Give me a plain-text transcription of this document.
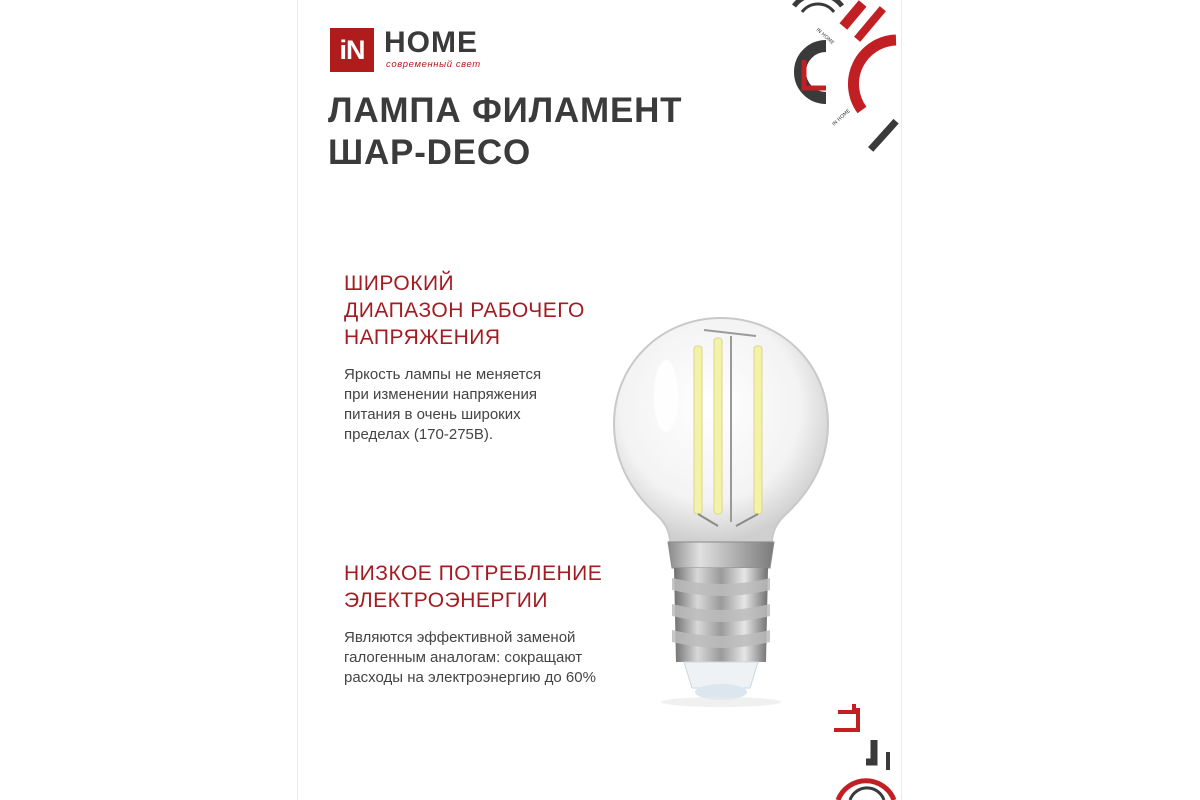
iN HOME
современный свет
ЛАМПА ФИЛАМЕНТ
ШАР-DECO
ШИРОКИЙ
ДИАПАЗОН РАБОЧЕГО
НАПРЯЖЕНИЯ

Яркость лампы не меняется
при изменении напряжения
питания в очень широких
пределах (170-275В).

НИЗКОЕ ПОТРЕБЛЕНИЕ
ЭЛЕКТРОЭНЕРГИИ

Являются эффективной заменой
галогенным аналогам: сокращают
расходы на электроэнергию до 60%

IN HOME
IN HOME
